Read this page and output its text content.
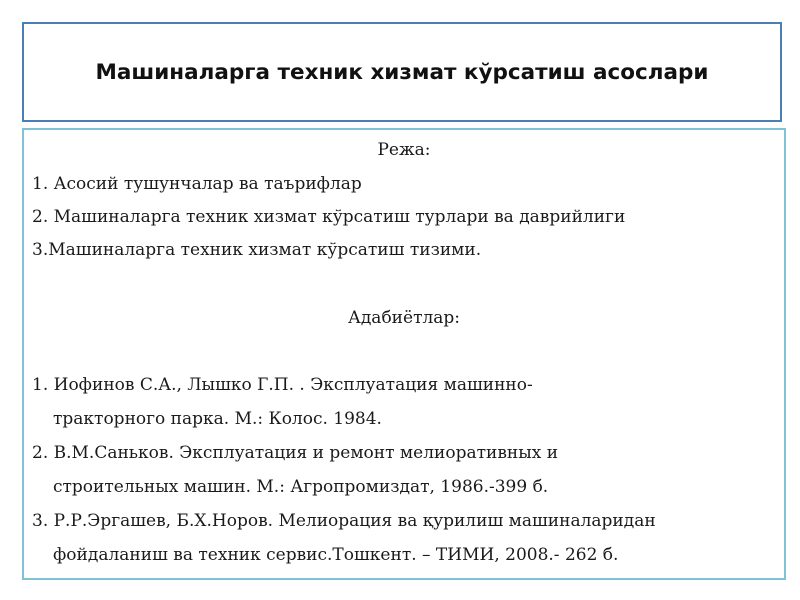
Машиналарга техник хизмат кўрсатиш асослари
Режа:
1. Асосий тушунчалар ва таърифлар
2. Машиналарга техник хизмат кўрсатиш турлари ва даврийлиги
3.Машиналарга техник хизмат кўрсатиш тизими.
Адабиётлар:
1. Иофинов С.А., Лышко Г.П. . Эксплуатация машинно-
тракторного парка. М.: Колос. 1984.
2. В.М.Саньков. Эксплуатация и ремонт мелиоративных и
строительных машин. М.: Агропромиздат, 1986.-399 б.
3. Р.Р.Эргашев, Б.Х.Норов. Мелиорация ва қурилиш машиналаридан
фойдаланиш ва техник сервис.Тошкент. – ТИМИ, 2008.- 262 б.
